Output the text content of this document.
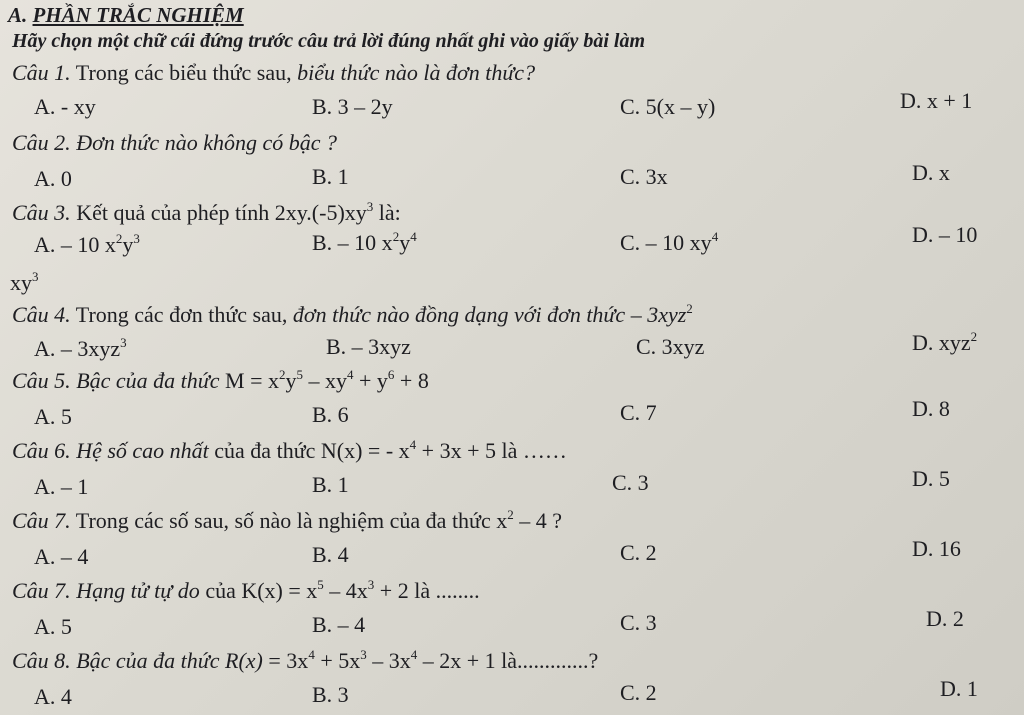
A. PHẦN TRẮC NGHIỆM
Hãy chọn một chữ cái đứng trước câu trả lời đúng nhất ghi vào giấy bài làm
Câu 1. Trong các biểu thức sau, biểu thức nào là đơn thức?
A. - xy	B. 3 – 2y	C. 5(x – y)	D. x + 1
Câu 2. Đơn thức nào không có bậc ?
A. 0	B. 1	C. 3x	D. x
Câu 3. Kết quả của phép tính $2xy.(-5)xy^3$ là:
A. – 10 $x^2y^3$	B. – 10 $x^2y^4$	C. – 10 $xy^4$	D. – 10
$xy^3$
Câu 4. Trong các đơn thức sau, đơn thức nào đồng dạng với đơn thức – 3xyz$^2$
A. – 3xyz$^3$	B. – 3xyz	C. 3xyz	D. xyz$^2$
Câu 5. Bậc của đa thức $M = x^2y^5 - xy^4 + y^6 + 8$
A. 5	B. 6	C. 7	D. 8
Câu 6. Hệ số cao nhất của đa thức N(x) = - $x^4 + 3x + 5$ là ……
A. – 1	B. 1	C. 3	D. 5
Câu 7. Trong các số sau, số nào là nghiệm của đa thức $x^2 - 4$ ?
A. – 4	B. 4	C. 2	D. 16
Câu 7. Hạng tử tự do của $K(x) = x^5 - 4x^3 + 2$ là ........
A. 5	B. – 4	C. 3	D. 2
Câu 8. Bậc của đa thức $R(x) = 3x^4 + 5x^3 - 3x^4 - 2x + 1$ là.............?
A. 4	B. 3	C. 2	D. 1
